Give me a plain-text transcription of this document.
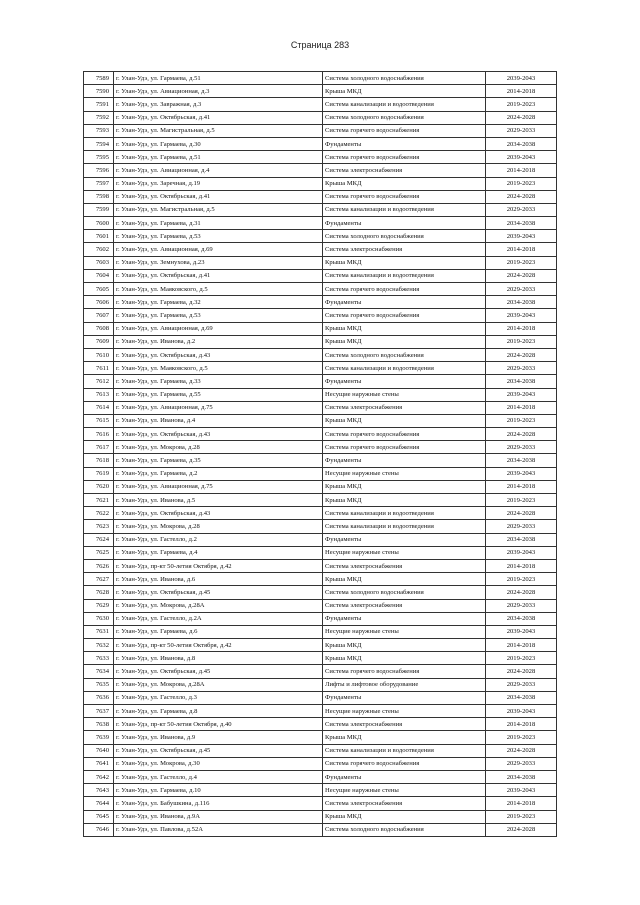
Страница 283
7589	г. Улан-Удэ, ул. Гармаева, д.51	Система холодного водоснабжения	2039-2043
7590	г. Улан-Удэ, ул. Авиационная, д.3	Крыша МКД	2014-2018
7591	г. Улан-Удэ, ул. Завражная, д.3	Система канализации и водоотведения	2019-2023
7592	г. Улан-Удэ, ул. Октябрьская, д.41	Система холодного водоснабжения	2024-2028
7593	г. Улан-Удэ, ул. Магистральная, д.5	Система горячего водоснабжения	2029-2033
7594	г. Улан-Удэ, ул. Гармаева, д.30	Фундаменты	2034-2038
7595	г. Улан-Удэ, ул. Гармаева, д.51	Система горячего водоснабжения	2039-2043
7596	г. Улан-Удэ, ул. Авиационная, д.4	Система электроснабжения	2014-2018
7597	г. Улан-Удэ, ул. Заречная, д.19	Крыша МКД	2019-2023
7598	г. Улан-Удэ, ул. Октябрьская, д.41	Система горячего водоснабжения	2024-2028
7599	г. Улан-Удэ, ул. Магистральная, д.5	Система канализации и водоотведения	2029-2033
7600	г. Улан-Удэ, ул. Гармаева, д.31	Фундаменты	2034-2038
7601	г. Улан-Удэ, ул. Гармаева, д.53	Система холодного водоснабжения	2039-2043
7602	г. Улан-Удэ, ул. Авиационная, д.69	Система электроснабжения	2014-2018
7603	г. Улан-Удэ, ул. Земнухова, д.23	Крыша МКД	2019-2023
7604	г. Улан-Удэ, ул. Октябрьская, д.41	Система канализации и водоотведения	2024-2028
7605	г. Улан-Удэ, ул. Маяковского, д.5	Система горячего водоснабжения	2029-2033
7606	г. Улан-Удэ, ул. Гармаева, д.32	Фундаменты	2034-2038
7607	г. Улан-Удэ, ул. Гармаева, д.53	Система горячего водоснабжения	2039-2043
7608	г. Улан-Удэ, ул. Авиационная, д.69	Крыша МКД	2014-2018
7609	г. Улан-Удэ, ул. Иванова, д.2	Крыша МКД	2019-2023
7610	г. Улан-Удэ, ул. Октябрьская, д.43	Система холодного водоснабжения	2024-2028
7611	г. Улан-Удэ, ул. Маяковского, д.5	Система канализации и водоотведения	2029-2033
7612	г. Улан-Удэ, ул. Гармаева, д.33	Фундаменты	2034-2038
7613	г. Улан-Удэ, ул. Гармаева, д.55	Несущие наружные стены	2039-2043
7614	г. Улан-Удэ, ул. Авиационная, д.75	Система электроснабжения	2014-2018
7615	г. Улан-Удэ, ул. Иванова, д.4	Крыша МКД	2019-2023
7616	г. Улан-Удэ, ул. Октябрьская, д.43	Система горячего водоснабжения	2024-2028
7617	г. Улан-Удэ, ул. Мокрова, д.28	Система горячего водоснабжения	2029-2033
7618	г. Улан-Удэ, ул. Гармаева, д.35	Фундаменты	2034-2038
7619	г. Улан-Удэ, ул. Гармаева, д.2	Несущие наружные стены	2039-2043
7620	г. Улан-Удэ, ул. Авиационная, д.75	Крыша МКД	2014-2018
7621	г. Улан-Удэ, ул. Иванова, д.5	Крыша МКД	2019-2023
7622	г. Улан-Удэ, ул. Октябрьская, д.43	Система канализации и водоотведения	2024-2028
7623	г. Улан-Удэ, ул. Мокрова, д.28	Система канализации и водоотведения	2029-2033
7624	г. Улан-Удэ, ул. Гастелло, д.2	Фундаменты	2034-2038
7625	г. Улан-Удэ, ул. Гармаева, д.4	Несущие наружные стены	2039-2043
7626	г. Улан-Удэ, пр-кт 50-летия Октября, д.42	Система электроснабжения	2014-2018
7627	г. Улан-Удэ, ул. Иванова, д.6	Крыша МКД	2019-2023
7628	г. Улан-Удэ, ул. Октябрьская, д.45	Система холодного водоснабжения	2024-2028
7629	г. Улан-Удэ, ул. Мокрова, д.28А	Система электроснабжения	2029-2033
7630	г. Улан-Удэ, ул. Гастелло, д.2А	Фундаменты	2034-2038
7631	г. Улан-Удэ, ул. Гармаева, д.6	Несущие наружные стены	2039-2043
7632	г. Улан-Удэ, пр-кт 50-летия Октября, д.42	Крыша МКД	2014-2018
7633	г. Улан-Удэ, ул. Иванова, д.8	Крыша МКД	2019-2023
7634	г. Улан-Удэ, ул. Октябрьская, д.45	Система горячего водоснабжения	2024-2028
7635	г. Улан-Удэ, ул. Мокрова, д.28А	Лифты и лифтовое оборудование	2029-2033
7636	г. Улан-Удэ, ул. Гастелло, д.3	Фундаменты	2034-2038
7637	г. Улан-Удэ, ул. Гармаева, д.8	Несущие наружные стены	2039-2043
7638	г. Улан-Удэ, пр-кт 50-летия Октября, д.40	Система электроснабжения	2014-2018
7639	г. Улан-Удэ, ул. Иванова, д.9	Крыша МКД	2019-2023
7640	г. Улан-Удэ, ул. Октябрьская, д.45	Система канализации и водоотведения	2024-2028
7641	г. Улан-Удэ, ул. Мокрова, д.30	Система горячего водоснабжения	2029-2033
7642	г. Улан-Удэ, ул. Гастелло, д.4	Фундаменты	2034-2038
7643	г. Улан-Удэ, ул. Гармаева, д.10	Несущие наружные стены	2039-2043
7644	г. Улан-Удэ, ул. Бабушкина, д.116	Система электроснабжения	2014-2018
7645	г. Улан-Удэ, ул. Иванова, д.9А	Крыша МКД	2019-2023
7646	г. Улан-Удэ, ул. Павлова, д.52А	Система холодного водоснабжения	2024-2028
